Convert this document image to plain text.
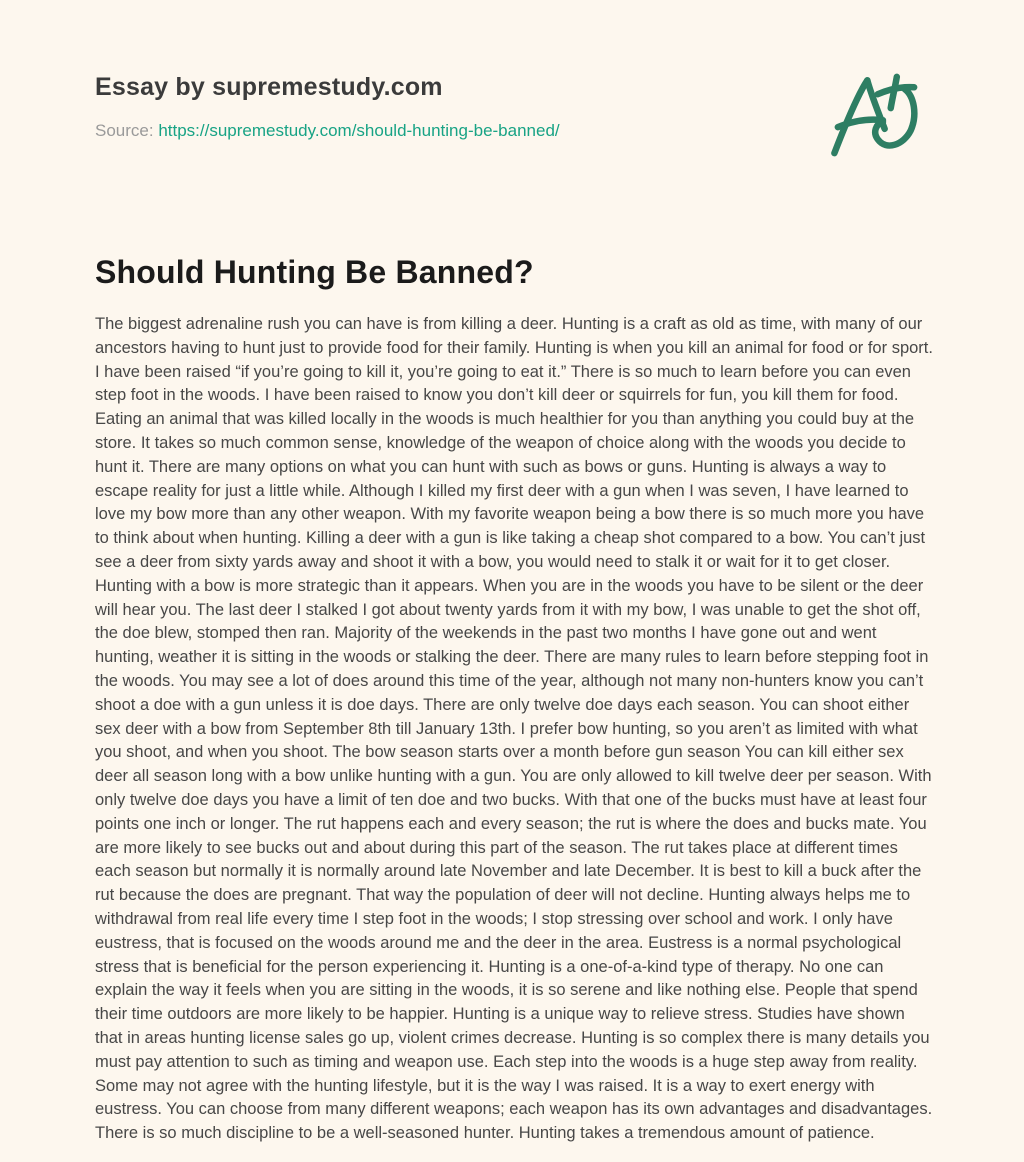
Essay by supremestudy.com
Source: https://supremestudy.com/should-hunting-be-banned/
Should Hunting Be Banned?
The biggest adrenaline rush you can have is from killing a deer. Hunting is a craft as old as time, with many of our ancestors having to hunt just to provide food for their family. Hunting is when you kill an animal for food or for sport. I have been raised “if you’re going to kill it, you’re going to eat it.” There is so much to learn before you can even step foot in the woods. I have been raised to know you don’t kill deer or squirrels for fun, you kill them for food. Eating an animal that was killed locally in the woods is much healthier for you than anything you could buy at the store. It takes so much common sense, knowledge of the weapon of choice along with the woods you decide to hunt it. There are many options on what you can hunt with such as bows or guns. Hunting is always a way to escape reality for just a little while. Although I killed my first deer with a gun when I was seven, I have learned to love my bow more than any other weapon. With my favorite weapon being a bow there is so much more you have to think about when hunting. Killing a deer with a gun is like taking a cheap shot compared to a bow. You can’t just see a deer from sixty yards away and shoot it with a bow, you would need to stalk it or wait for it to get closer. Hunting with a bow is more strategic than it appears. When you are in the woods you have to be silent or the deer will hear you. The last deer I stalked I got about twenty yards from it with my bow, I was unable to get the shot off, the doe blew, stomped then ran. Majority of the weekends in the past two months I have gone out and went hunting, weather it is sitting in the woods or stalking the deer. There are many rules to learn before stepping foot in the woods. You may see a lot of does around this time of the year, although not many non-hunters know you can’t shoot a doe with a gun unless it is doe days. There are only twelve doe days each season. You can shoot either sex deer with a bow from September 8th till January 13th. I prefer bow hunting, so you aren’t as limited with what you shoot, and when you shoot. The bow season starts over a month before gun season You can kill either sex deer all season long with a bow unlike hunting with a gun. You are only allowed to kill twelve deer per season. With only twelve doe days you have a limit of ten doe and two bucks. With that one of the bucks must have at least four points one inch or longer. The rut happens each and every season; the rut is where the does and bucks mate. You are more likely to see bucks out and about during this part of the season. The rut takes place at different times each season but normally it is normally around late November and late December. It is best to kill a buck after the rut because the does are pregnant. That way the population of deer will not decline. Hunting always helps me to withdrawal from real life every time I step foot in the woods; I stop stressing over school and work. I only have eustress, that is focused on the woods around me and the deer in the area. Eustress is a normal psychological stress that is beneficial for the person experiencing it. Hunting is a one-of-a-kind type of therapy. No one can explain the way it feels when you are sitting in the woods, it is so serene and like nothing else. People that spend their time outdoors are more likely to be happier. Hunting is a unique way to relieve stress. Studies have shown that in areas hunting license sales go up, violent crimes decrease. Hunting is so complex there is many details you must pay attention to such as timing and weapon use. Each step into the woods is a huge step away from reality. Some may not agree with the hunting lifestyle, but it is the way I was raised. It is a way to exert energy with eustress. You can choose from many different weapons; each weapon has its own advantages and disadvantages. There is so much discipline to be a well-seasoned hunter. Hunting takes a tremendous amount of patience.
